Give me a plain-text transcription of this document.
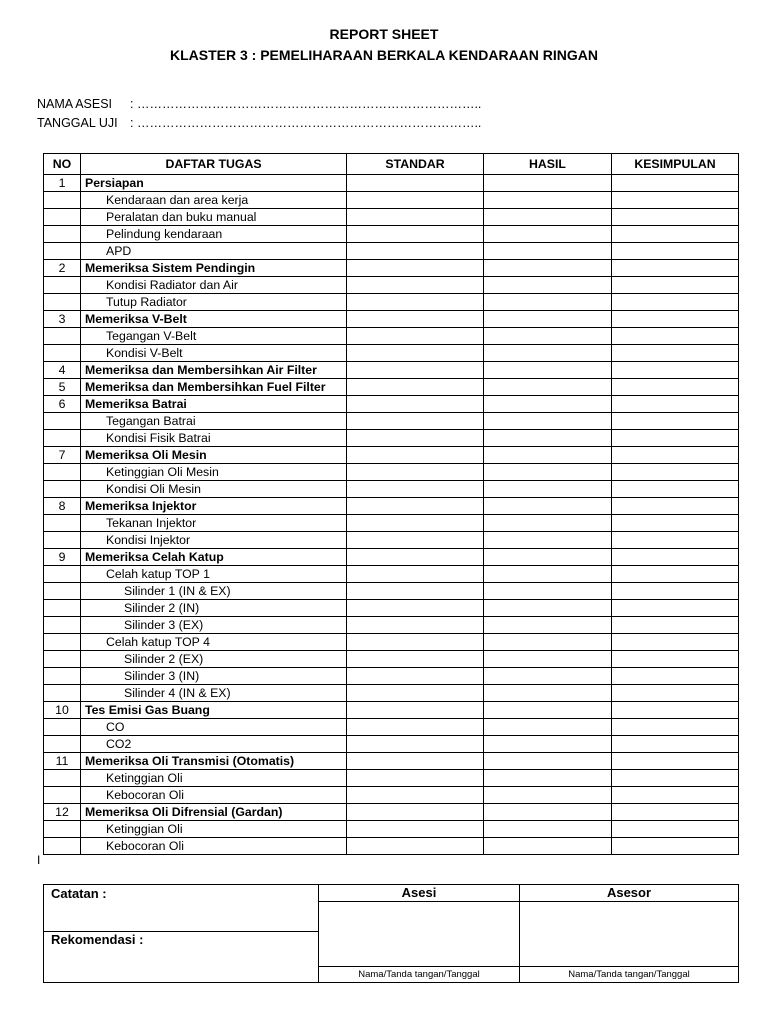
REPORT SHEET
KLASTER 3 : PEMELIHARAAN BERKALA KENDARAAN RINGAN
NAMA ASESI : ………………………………………………………………………..
TANGGAL UJI : ………………………………………………………………………..
NO	DAFTAR TUGAS	STANDAR	HASIL	KESIMPULAN
1	Persiapan			
	Kendaraan dan area kerja			
	Peralatan dan buku manual			
	Pelindung kendaraan			
	APD			
2	Memeriksa Sistem Pendingin			
	Kondisi Radiator dan Air			
	Tutup Radiator			
3	Memeriksa V-Belt			
	Tegangan V-Belt			
	Kondisi V-Belt			
4	Memeriksa dan Membersihkan Air Filter			
5	Memeriksa dan Membersihkan Fuel Filter			
6	Memeriksa Batrai			
	Tegangan Batrai			
	Kondisi Fisik Batrai			
7	Memeriksa Oli Mesin			
	Ketinggian Oli Mesin			
	Kondisi Oli Mesin			
8	Memeriksa Injektor			
	Tekanan Injektor			
	Kondisi Injektor			
9	Memeriksa Celah Katup			
	Celah katup TOP 1			
	Silinder 1 (IN & EX)			
	Silinder 2 (IN)			
	Silinder 3 (EX)			
	Celah katup TOP 4			
	Silinder 2 (EX)			
	Silinder 3 (IN)			
	Silinder 4 (IN & EX)			
10	Tes Emisi Gas Buang			
	CO			
	CO2			
11	Memeriksa Oli Transmisi (Otomatis)			
	Ketinggian Oli			
	Kebocoran Oli			
12	Memeriksa Oli Difrensial (Gardan)			
	Ketinggian Oli			
	Kebocoran Oli			
I
Catatan :
Rekomendasi :	Asesi	Asesor

	Nama/Tanda tangan/Tanggal	Nama/Tanda tangan/Tanggal
